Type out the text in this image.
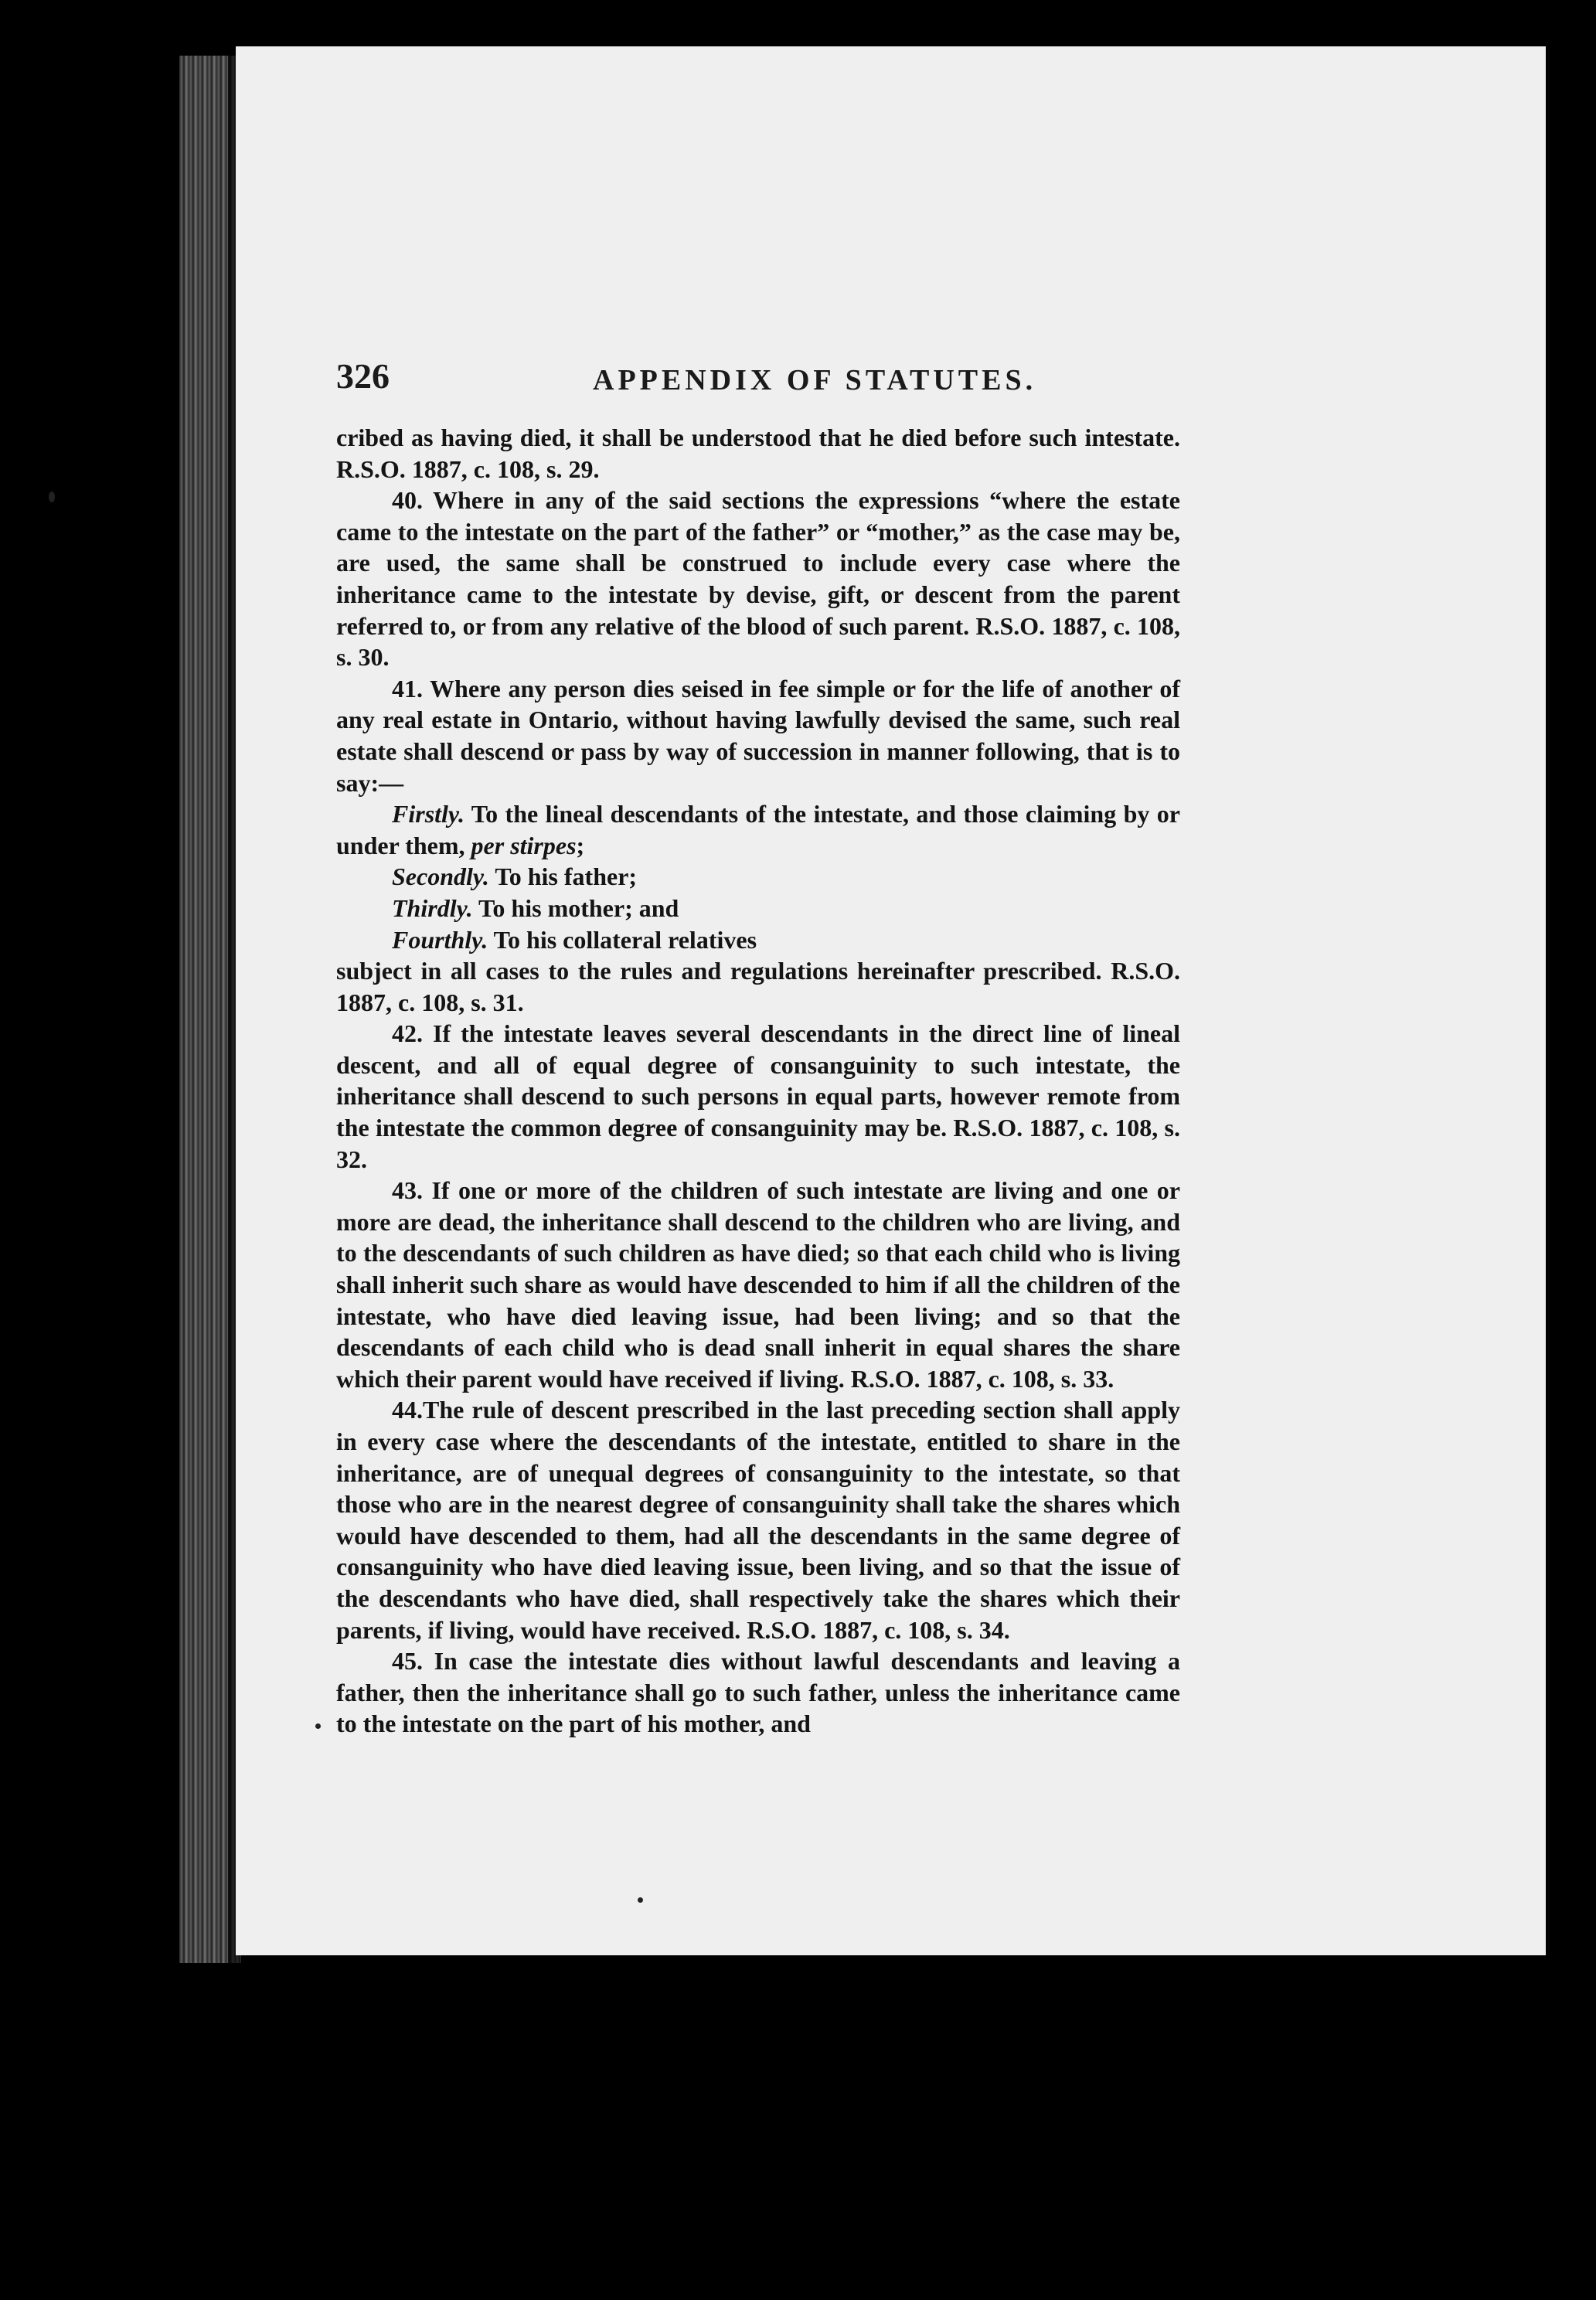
326	APPENDIX OF STATUTES.

cribed as having died, it shall be understood that he died before such intestate. R.S.O. 1887, c. 108, s. 29.

40. Where in any of the said sections the expressions “where the estate came to the intestate on the part of the father” or “mother,” as the case may be, are used, the same shall be construed to include every case where the inheritance came to the intestate by devise, gift, or descent from the parent referred to, or from any relative of the blood of such parent. R.S.O. 1887, c. 108, s. 30.

41. Where any person dies seised in fee simple or for the life of another of any real estate in Ontario, without having lawfully devised the same, such real estate shall descend or pass by way of succession in manner following, that is to say:—

Firstly. To the lineal descendants of the intestate, and those claiming by or under them, per stirpes;

Secondly. To his father;

Thirdly. To his mother; and

Fourthly. To his collateral relatives

subject in all cases to the rules and regulations hereinafter prescribed. R.S.O. 1887, c. 108, s. 31.

42. If the intestate leaves several descendants in the direct line of lineal descent, and all of equal degree of consanguinity to such intestate, the inheritance shall descend to such persons in equal parts, however remote from the intestate the common degree of consanguinity may be. R.S.O. 1887, c. 108, s. 32.

43. If one or more of the children of such intestate are living and one or more are dead, the inheritance shall descend to the children who are living, and to the descendants of such children as have died; so that each child who is living shall inherit such share as would have descended to him if all the children of the intestate, who have died leaving issue, had been living; and so that the descendants of each child who is dead snall inherit in equal shares the share which their parent would have received if living. R.S.O. 1887, c. 108, s. 33.

44.The rule of descent prescribed in the last preceding section shall apply in every case where the descendants of the intestate, entitled to share in the inheritance, are of unequal degrees of consanguinity to the intestate, so that those who are in the nearest degree of consanguinity shall take the shares which would have descended to them, had all the descendants in the same degree of consanguinity who have died leaving issue, been living, and so that the issue of the descendants who have died, shall respectively take the shares which their parents, if living, would have received. R.S.O. 1887, c. 108, s. 34.

45. In case the intestate dies without lawful descendants and leaving a father, then the inheritance shall go to such father, unless the inheritance came to the intestate on the part of his mother, and
